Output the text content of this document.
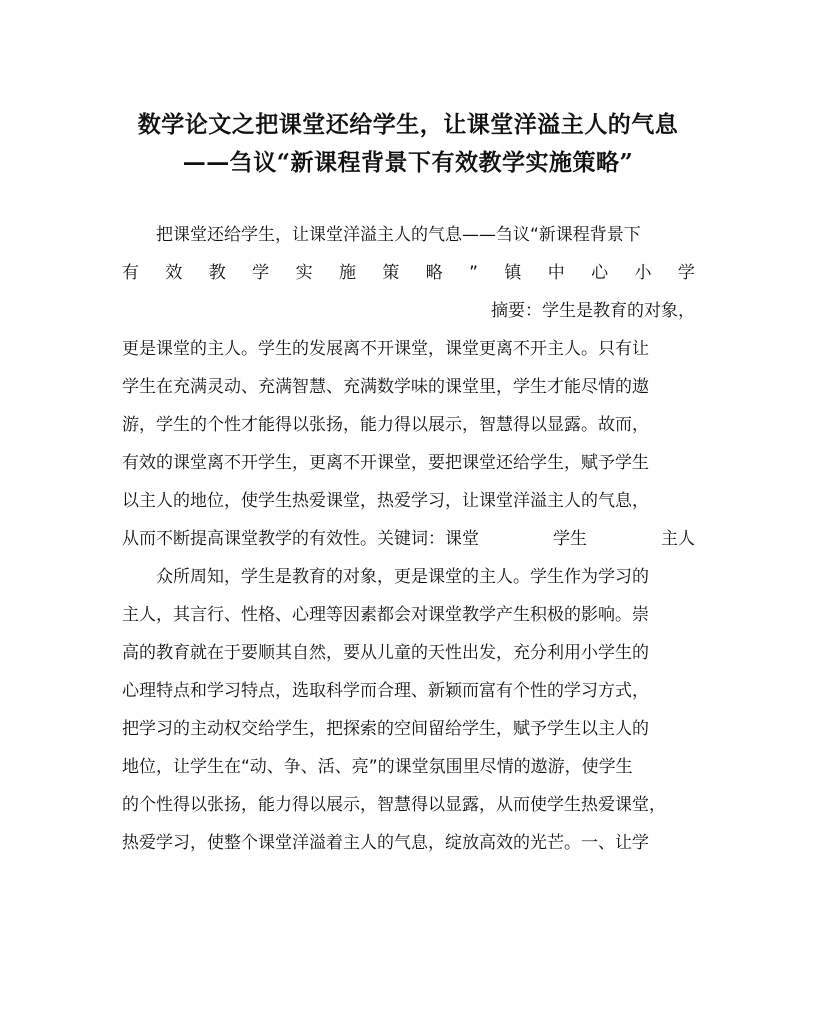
数学论文之把课堂还给学生，让课堂洋溢主人的气息
——刍议“新课程背景下有效教学实施策略”
把课堂还给学生，让课堂洋溢主人的气息——刍议“新课程背景下
有 效 教 学 实 施 策 略 ” 镇 中 心 小 学
摘要：学生是教育的对象，
更是课堂的主人。学生的发展离不开课堂，课堂更离不开主人。只有让
学生在充满灵动、充满智慧、充满数学味的课堂里，学生才能尽情的遨
游，学生的个性才能得以张扬，能力得以展示，智慧得以显露。故而，
有效的课堂离不开学生，更离不开课堂，要把课堂还给学生，赋予学生
以主人的地位，使学生热爱课堂，热爱学习，让课堂洋溢主人的气息，
从而不断提高课堂教学的有效性。关键词：课堂	学生	主人
众所周知，学生是教育的对象，更是课堂的主人。学生作为学习的
主人，其言行、性格、心理等因素都会对课堂教学产生积极的影响。崇
高的教育就在于要顺其自然，要从儿童的天性出发，充分利用小学生的
心理特点和学习特点，选取科学而合理、新颖而富有个性的学习方式，
把学习的主动权交给学生，把探索的空间留给学生，赋予学生以主人的
地位，让学生在“动、争、活、亮”的课堂氛围里尽情的遨游，使学生
的个性得以张扬，能力得以展示，智慧得以显露，从而使学生热爱课堂，
热爱学习，使整个课堂洋溢着主人的气息，绽放高效的光芒。一、让学
